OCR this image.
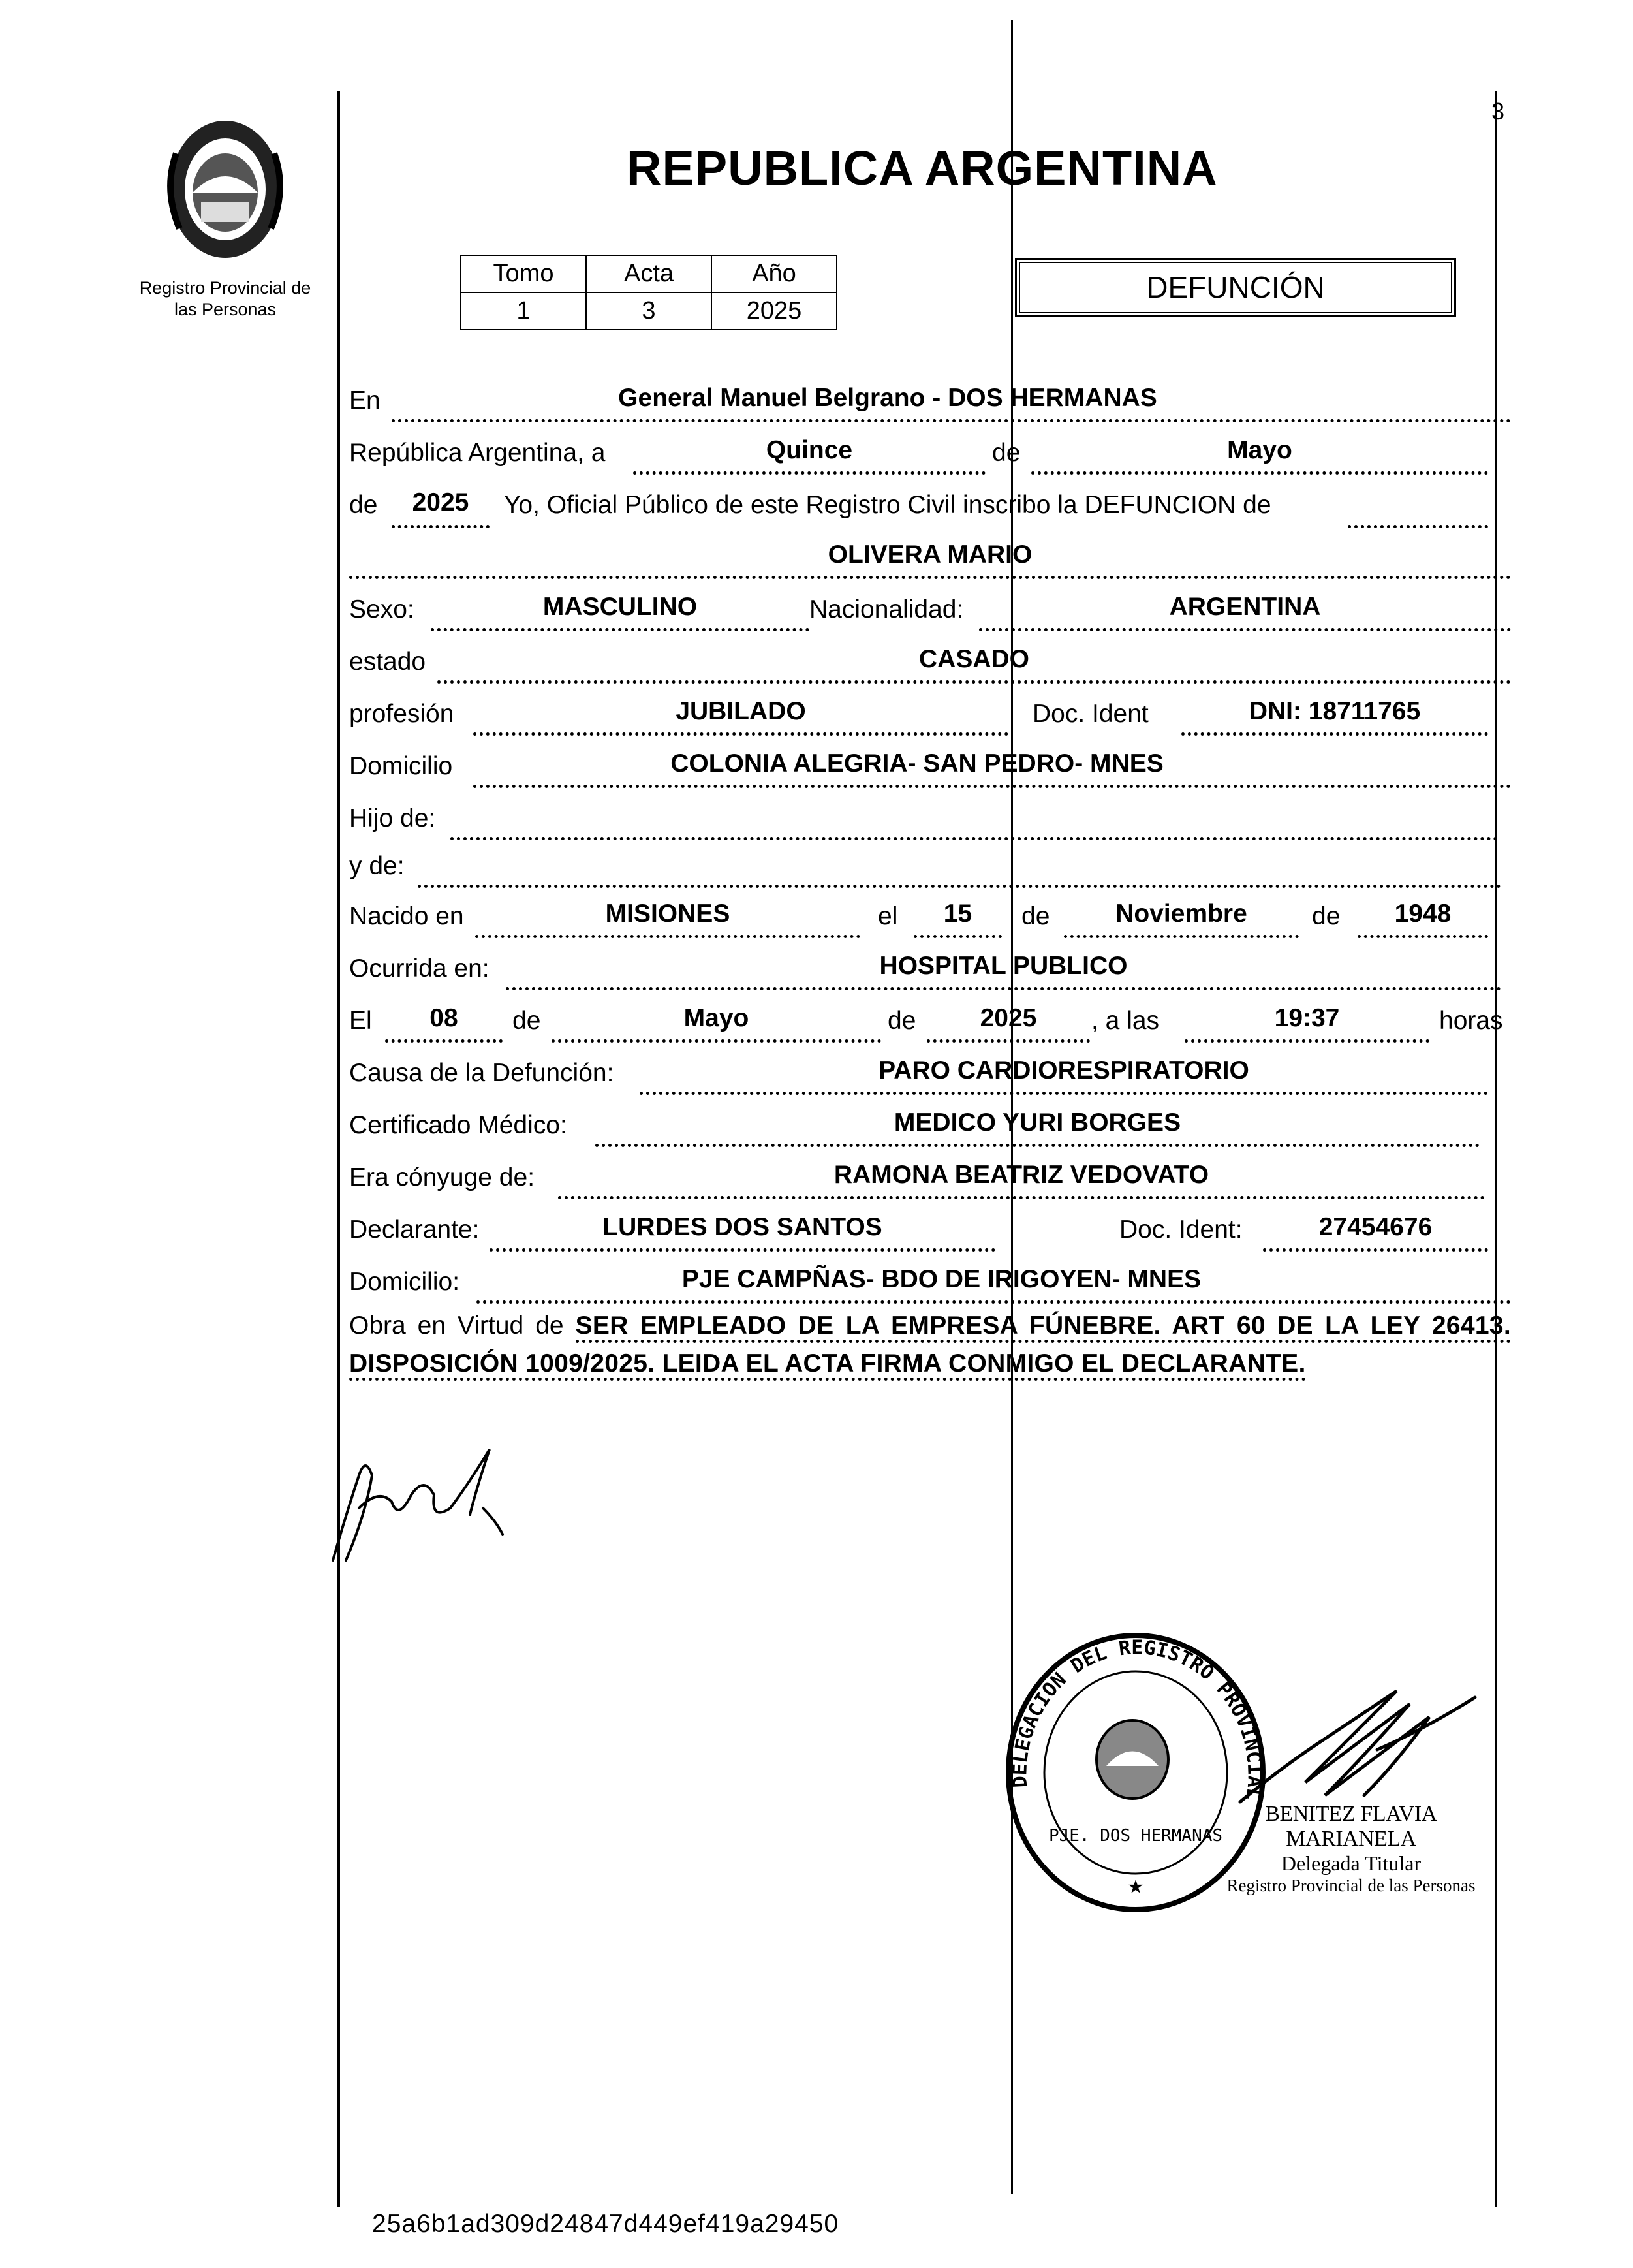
Registro Provincial de
las Personas
REPUBLICA ARGENTINA
3
Tomo	Acta	Año
1	3	2025
DEFUNCIÓN
En	General Manuel Belgrano - DOS HERMANAS
República Argentina, a	Quince	de	Mayo
de	2025	Yo, Oficial Público de este Registro Civil inscribo la DEFUNCION de
OLIVERA MARIO
Sexo:	MASCULINO	Nacionalidad:	ARGENTINA
estado	CASADO
profesión	JUBILADO	Doc. Ident	DNI: 18711765
Domicilio	COLONIA ALEGRIA- SAN PEDRO- MNES
Hijo de:
y de:
Nacido en	MISIONES	el	15	de	Noviembre	de	1948
Ocurrida en:	HOSPITAL PUBLICO
El	08	de	Mayo	de	2025	, a las	19:37	horas
Causa de la Defunción:	PARO CARDIORESPIRATORIO
Certificado Médico:	MEDICO YURI BORGES
Era cónyuge de:	RAMONA BEATRIZ VEDOVATO
Declarante:	LURDES DOS SANTOS	Doc. Ident:	27454676
Domicilio:	PJE CAMPÑAS- BDO DE IRIGOYEN- MNES
Obra en Virtud de SER EMPLEADO DE LA EMPRESA FÚNEBRE. ART 60 DE LA LEY 26413. DISPOSICIÓN 1009/2025. LEIDA EL ACTA FIRMA CONMIGO EL DECLARANTE.
DELEGACION DEL REGISTRO PROVINCIAL
★
PJE. DOS HERMANAS
BENITEZ FLAVIA MARIANELA
Delegada Titular
Registro Provincial de las Personas
25a6b1ad309d24847d449ef419a29450
